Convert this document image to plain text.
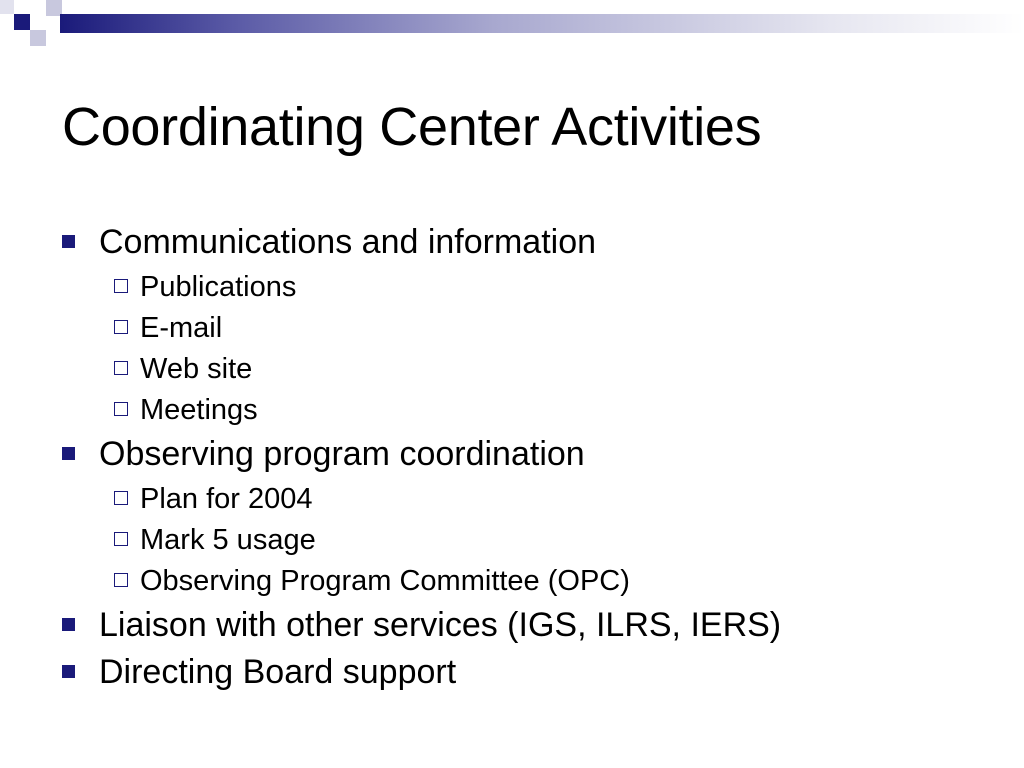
Coordinating Center Activities
Communications and information
Publications
E-mail
Web site
Meetings
Observing program coordination
Plan for 2004
Mark 5 usage
Observing Program Committee (OPC)
Liaison with other services (IGS, ILRS, IERS)
Directing Board support
